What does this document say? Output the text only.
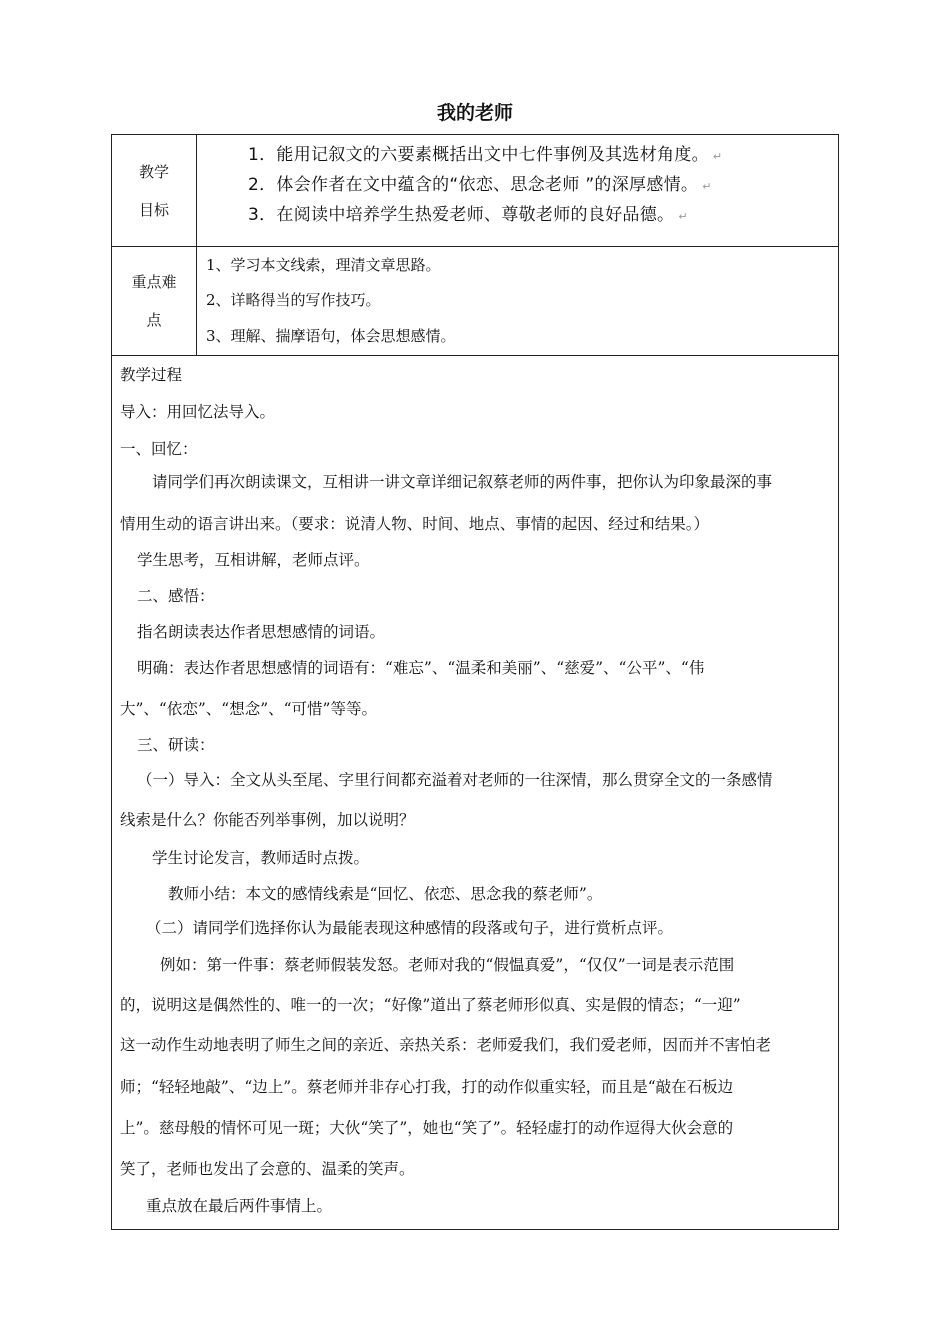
我的老师
教学
目标
1．能用记叙文的六要素概括出文中七件事例及其选材角度。 ↵
2．体会作者在文中蕴含的“依恋、思念老师 ”的深厚感情。 ↵
3．在阅读中培养学生热爱老师、尊敬老师的良好品德。 ↵
重点难
点
1、学习本文线索，理清文章思路。
2、详略得当的写作技巧。
3、理解、揣摩语句，体会思想感情。
教学过程
导入：用回忆法导入。
一、回忆：
请同学们再次朗读课文，互相讲一讲文章详细记叙蔡老师的两件事，把你认为印象最深的事
情用生动的语言讲出来。（要求：说清人物、时间、地点、事情的起因、经过和结果。）
学生思考，互相讲解，老师点评。
二、感悟：
指名朗读表达作者思想感情的词语。
明确：表达作者思想感情的词语有：“难忘”、“温柔和美丽”、“慈爱”、“公平”、“伟
大”、“依恋”、“想念”、“可惜”等等。
三、研读：
（一）导入：全文从头至尾、字里行间都充溢着对老师的一往深情，那么贯穿全文的一条感情
线索是什么？你能否列举事例，加以说明？
学生讨论发言，教师适时点拨。
教师小结：本文的感情线索是“回忆、依恋、思念我的蔡老师”。
（二）请同学们选择你认为最能表现这种感情的段落或句子，进行赏析点评。
例如：第一件事：蔡老师假装发怒。老师对我的“假愠真爱”，“仅仅”一词是表示范围
的，说明这是偶然性的、唯一的一次；“好像”道出了蔡老师形似真、实是假的情态；“一迎”
这一动作生动地表明了师生之间的亲近、亲热关系：老师爱我们，我们爱老师，因而并不害怕老
师；“轻轻地敲”、“边上”。蔡老师并非存心打我，打的动作似重实轻，而且是“敲在石板边
上”。慈母般的情怀可见一斑；大伙“笑了”，她也“笑了”。轻轻虚打的动作逗得大伙会意的
笑了，老师也发出了会意的、温柔的笑声。
重点放在最后两件事情上。
